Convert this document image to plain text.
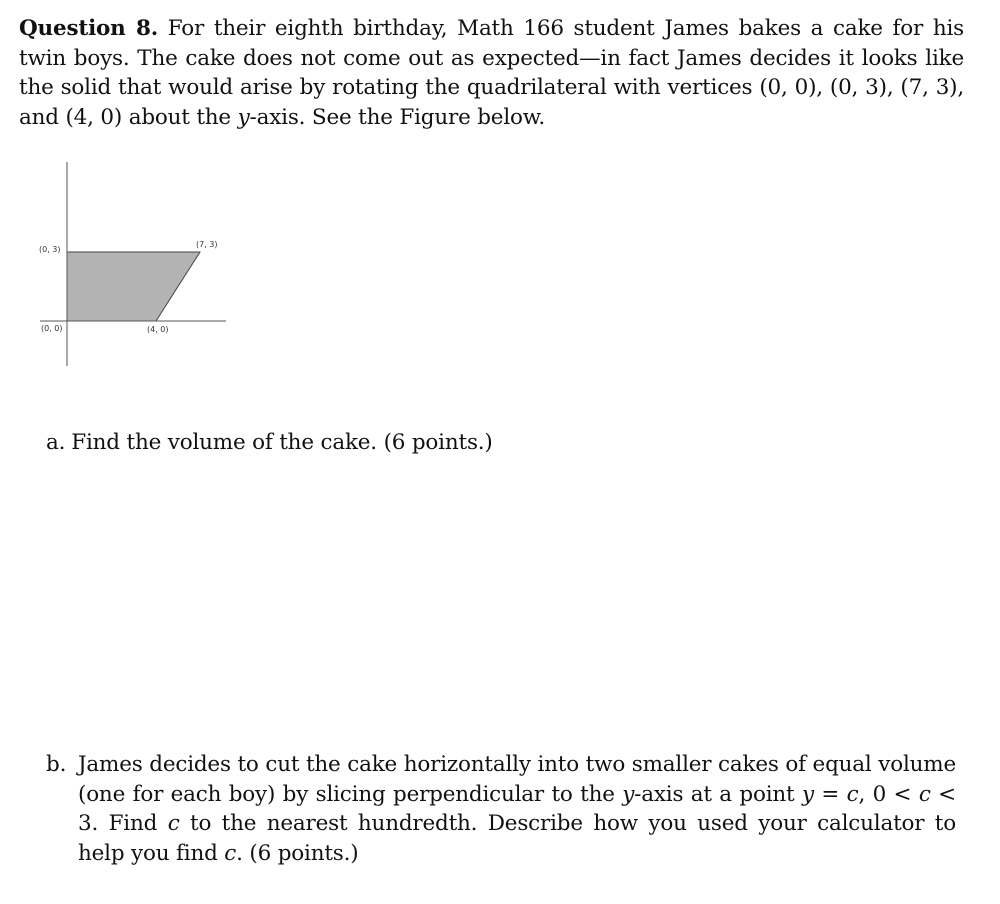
Question 8. For their eighth birthday, Math 166 student James bakes a cake for his twin boys. The cake does not come out as expected—in fact James decides it looks like the solid that would arise by rotating the quadrilateral with vertices (0, 0), (0, 3), (7, 3), and (4, 0) about the y-axis. See the Figure below.
(0, 0)
(0, 3)
(7, 3)
(4, 0)
a. Find the volume of the cake. (6 points.)
b. James decides to cut the cake horizontally into two smaller cakes of equal volume (one for each boy) by slicing perpendicular to the y-axis at a point y = c, 0 < c < 3. Find c to the nearest hundredth. Describe how you used your calculator to help you find c. (6 points.)
